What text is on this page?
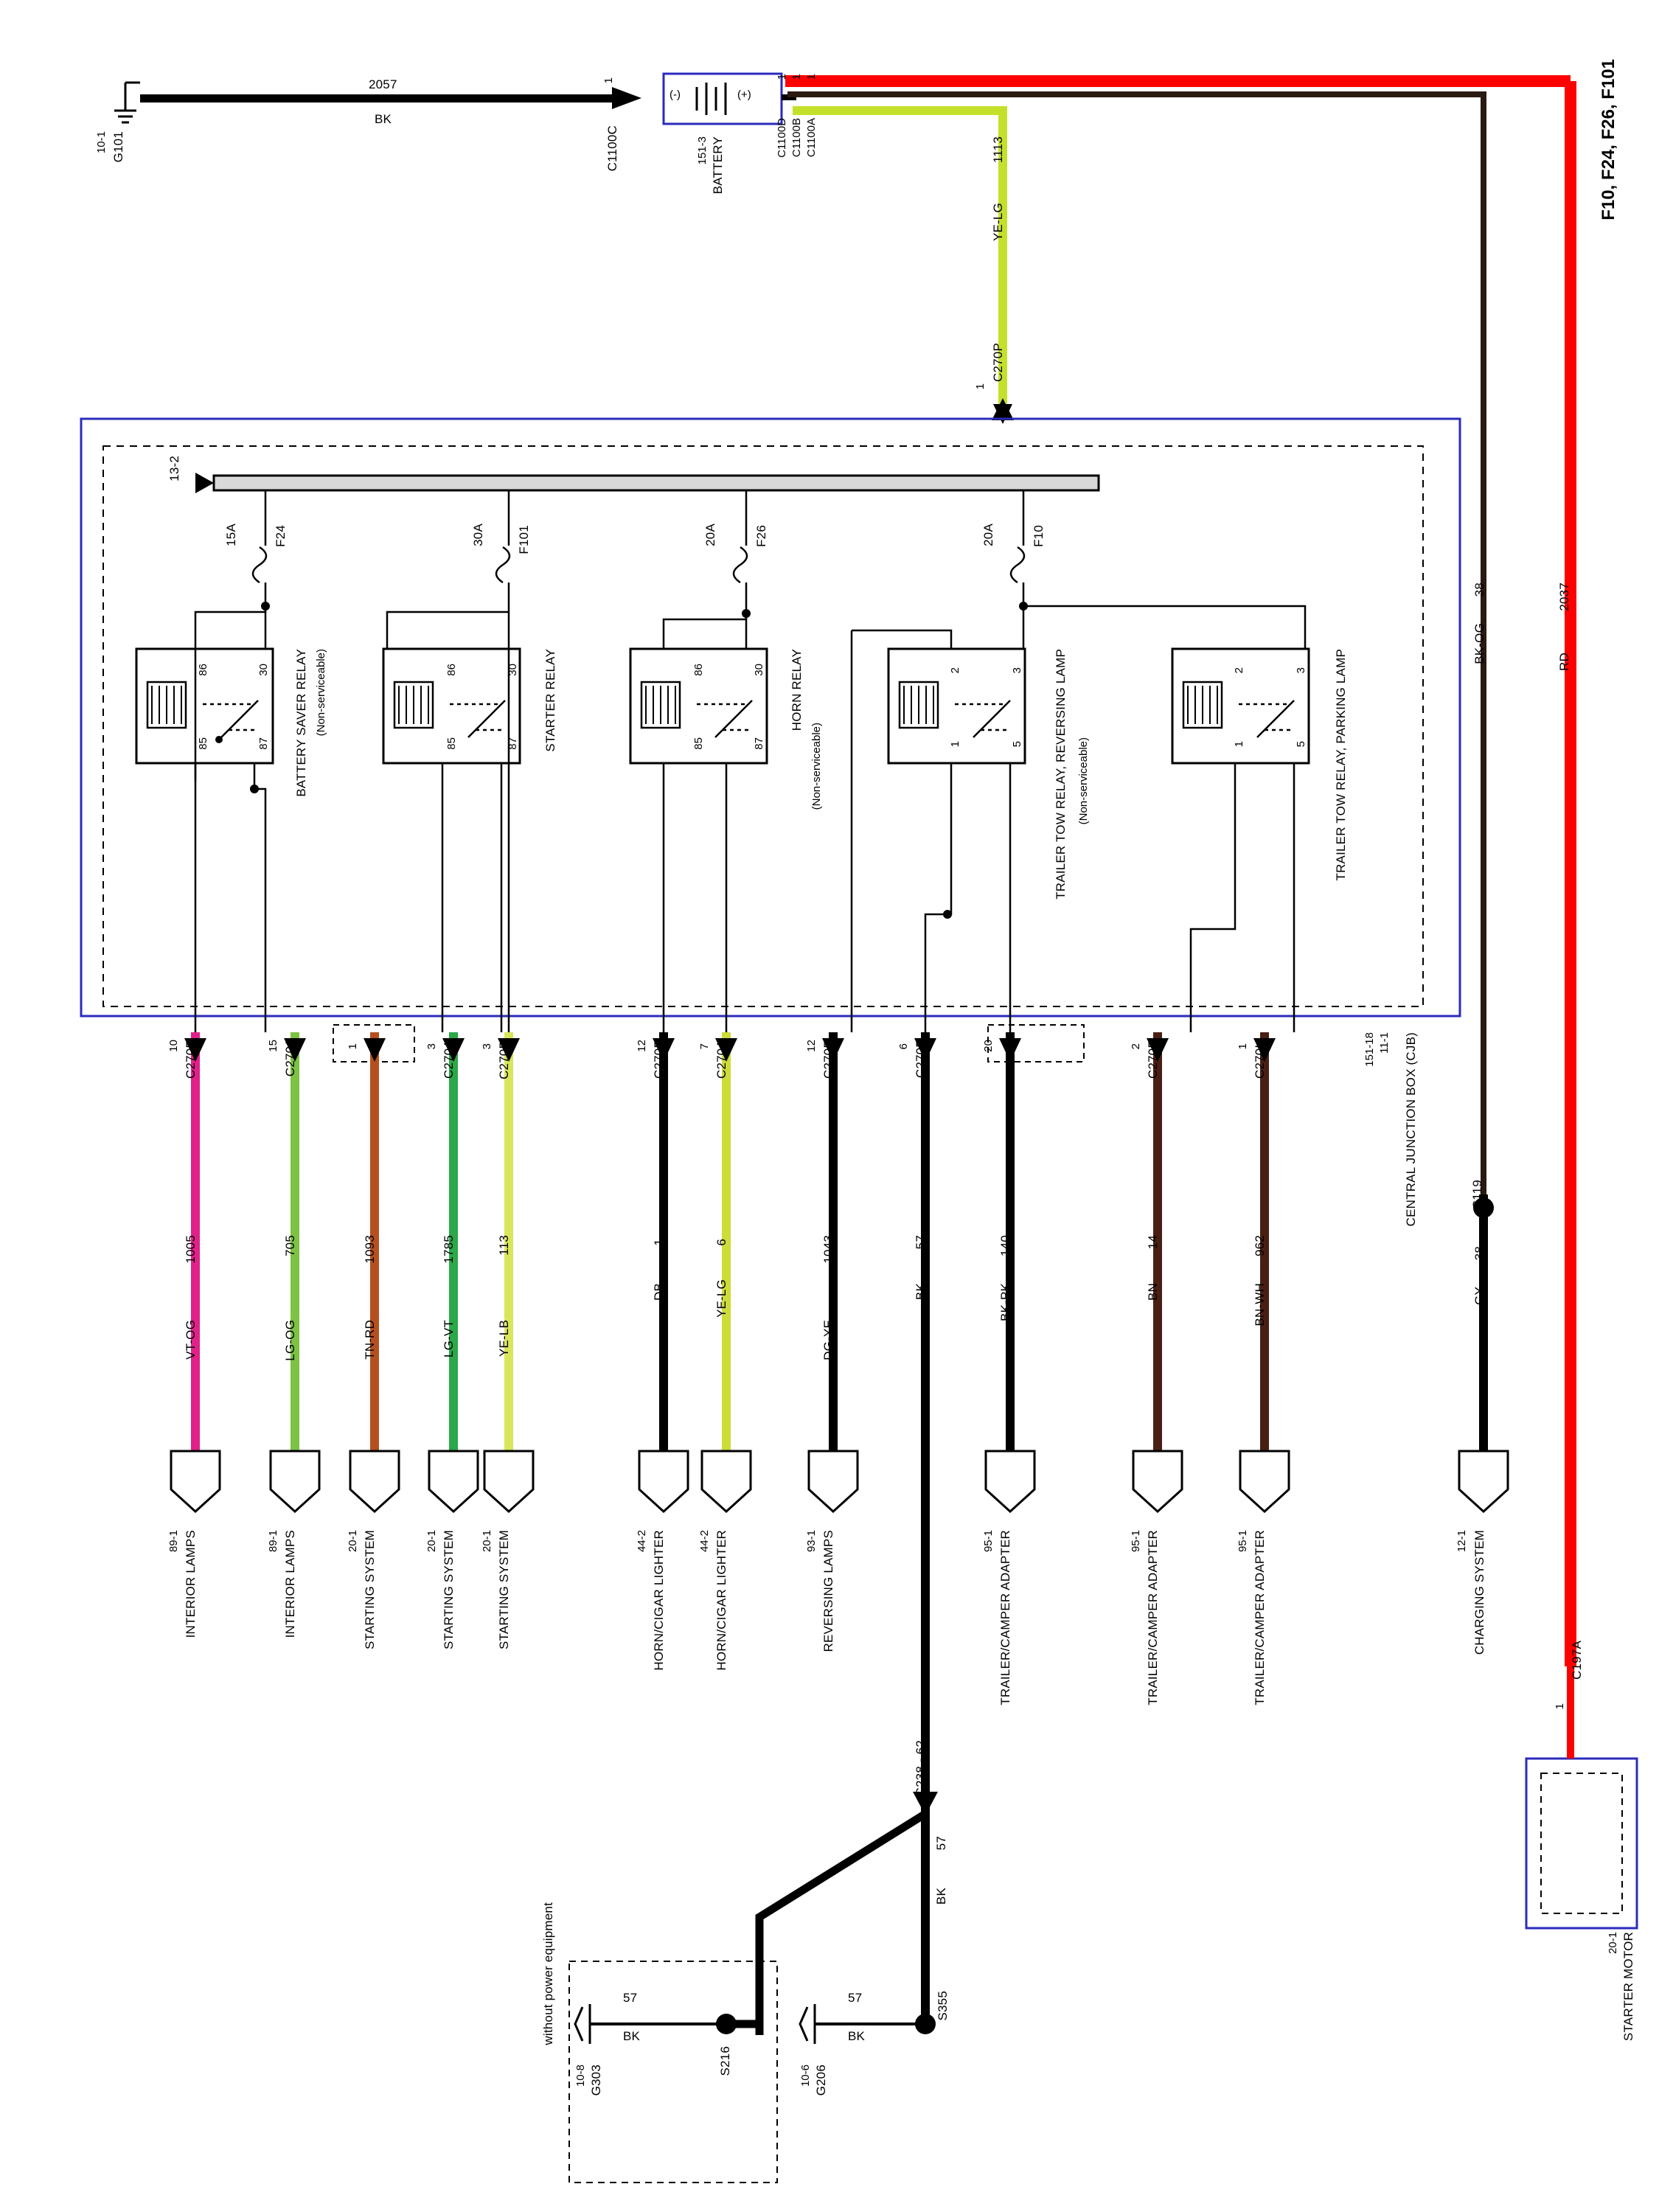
G101
10-1
2057
BK
1
C1100C
(-)	(+)
BATTERY
151-3	C1100A
C1100B
C1100D
1
1
1
1113
YE-LG
C270P
1
F10, F24, F26, F101
38
BK-OG
2037
RD
13-2
15A	F24	30A	F101	20A	F26	20A	F10
86	30
85	87 BATTERY SAVER RELAY (Non-serviceable)	86	30
85	87 STARTER RELAY	86	30
85	87
HORN RELAY
(Non-serviceable)
2	3
1	5 TRAILER TOW RELAY, REVERSING LAMP (Non-serviceable)
2	3
1	5 TRAILER TOW RELAY, PARKING LAMP
CENTRAL JUNCTION BOX (CJB)
11-1
151-18
10 C270E
1005
VT-OG
89-1 INTERIOR LAMPS
15 C270J
705
LG-OG
89-1 INTERIOR LAMPS
1
1093
TN-RD
20-1 STARTING SYSTEM
3 C270A
1785
LG-VT
20-1 STARTING SYSTEM
3 C270D
113
YE-LB
20-1 STARTING SYSTEM
12 C270E
1
DB
44-2 HORN/CIGAR LIGHTER
7 C270A
6
YE-LG
44-2 HORN/CIGAR LIGHTER
12 C270B
1043
DG-YE
93-1 REVERSING LAMPS
6 C270F
57
BK
20
140
BK-PK
95-1 TRAILER/CAMPER ADAPTER
2 C270E
14
BN
95-1 TRAILER/CAMPER ADAPTER
1 C270K
962
BN-WH
95-1 TRAILER/CAMPER ADAPTER
S119
38
GY
12-1 CHARGING SYSTEM
C238 - 62
57
BK
S355
S216
without power equipment	57
BK
G303
10-8
57
BK
G206
10-6
C197A
1
STARTER MOTOR
20-1
